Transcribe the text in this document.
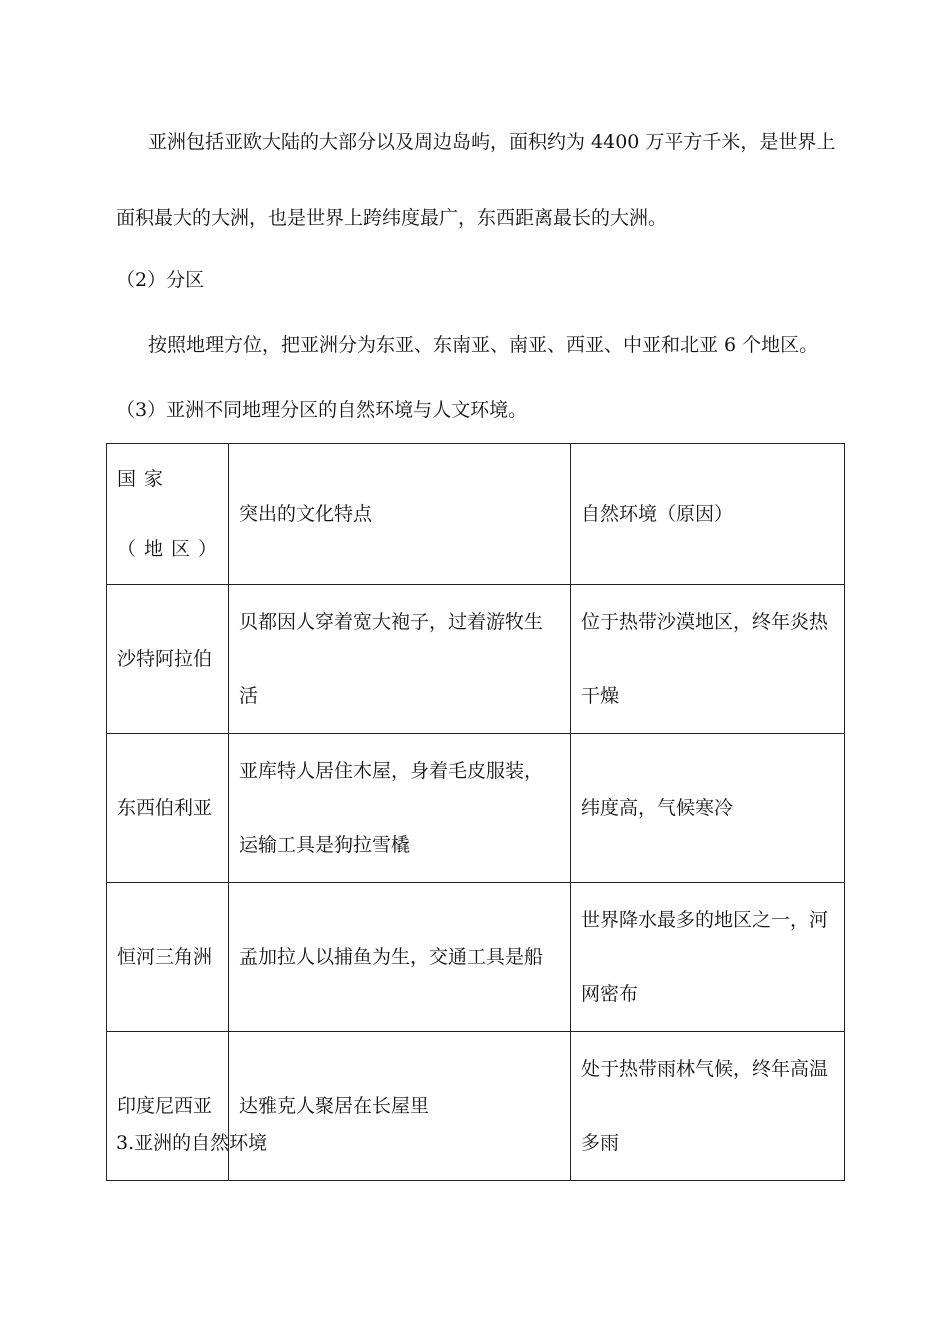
亚洲包括亚欧大陆的大部分以及周边岛屿，面积约为 4400 万平方千米，是世界上
面积最大的大洲，也是世界上跨纬度最广，东西距离最长的大洲。
（2）分区
按照地理方位，把亚洲分为东亚、东南亚、南亚、西亚、中亚和北亚 6 个地区。
（3）亚洲不同地理分区的自然环境与人文环境。
国家（地区）	突出的文化特点	自然环境（原因）
沙特阿拉伯	贝都因人穿着宽大袍子，过着游牧生活	位于热带沙漠地区，终年炎热干燥
东西伯利亚	亚库特人居住木屋，身着毛皮服装，运输工具是狗拉雪橇	纬度高，气候寒冷
恒河三角洲	孟加拉人以捕鱼为生，交通工具是船	世界降水最多的地区之一，河网密布
印度尼西亚	达雅克人聚居在长屋里	处于热带雨林气候，终年高温多雨
3.亚洲的自然环境
